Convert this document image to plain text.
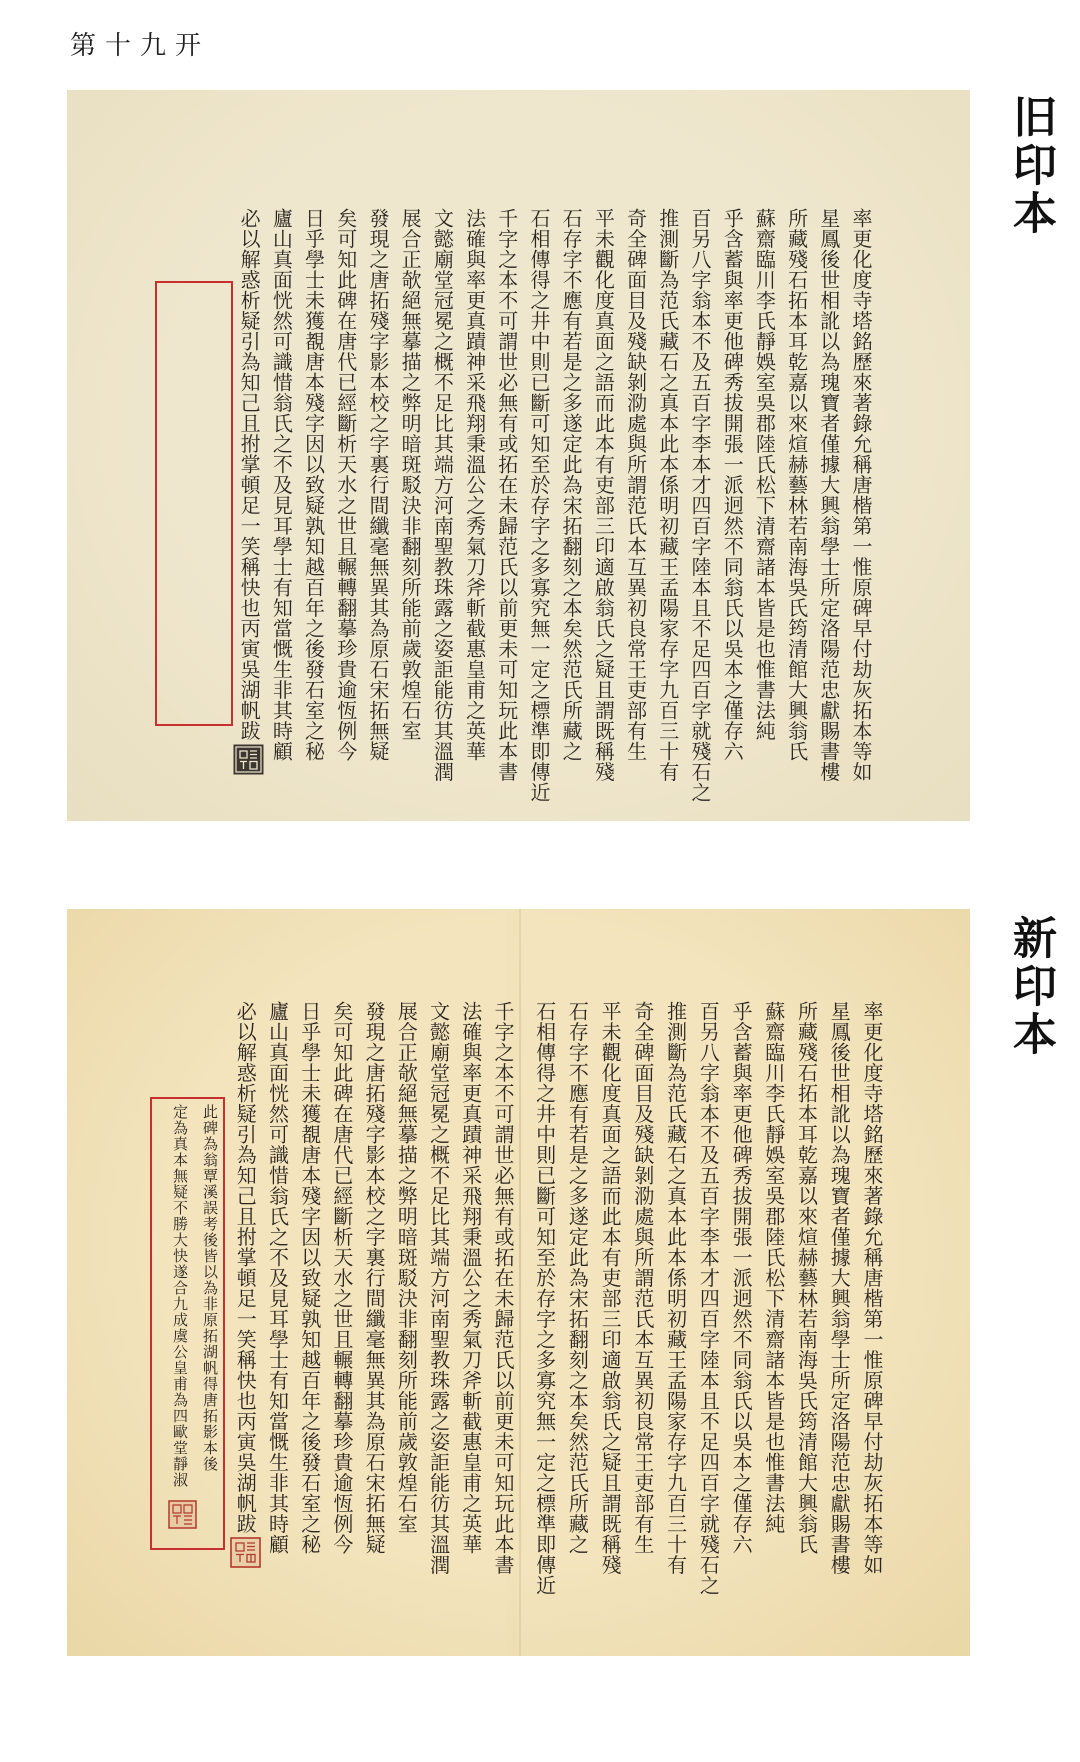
第十九开
旧印本
新印本
率更化度寺塔銘歷來著錄允稱唐楷第一惟原碑早付劫灰拓本等如
星鳳後世相訛以為瑰寶者僅據大興翁學士所定洛陽范忠獻賜書樓
所藏殘石拓本耳乾嘉以來煊赫藝林若南海吳氏筠清館大興翁氏
蘇齋臨川李氏靜娛室吳郡陸氏松下清齋諸本皆是也惟書法純
乎含蓄與率更他碑秀拔開張一派迥然不同翁氏以吳本之僅存六
百另八字翁本不及五百字李本才四百字陸本且不足四百字就殘石之
推測斷為范氏藏石之真本此本係明初藏王孟陽家存字九百三十有
奇全碑面目及殘缺剝泐處與所謂范氏本互異初良常王吏部有生
平未觀化度真面之語而此本有吏部三印適啟翁氏之疑且謂既稱殘
石存字不應有若是之多遂定此為宋拓翻刻之本矣然范氏所藏之
石相傳得之井中則已斷可知至於存字之多寡究無一定之標準即傳近
千字之本不可謂世必無有或拓在未歸范氏以前更未可知玩此本書
法確與率更真蹟神采飛翔秉溫公之秀氣刀斧斬截惠皇甫之英華
文懿廟堂冠冕之概不足比其端方河南聖教珠露之姿詎能彷其溫潤
展合正欹絕無摹描之弊明暗斑駁決非翻刻所能前歲敦煌石室
發現之唐拓殘字影本校之字裏行間纖毫無異其為原石宋拓無疑
矣可知此碑在唐代已經斷析天水之世且輾轉翻摹珍貴逾恆例今
日乎學士未獲覩唐本殘字因以致疑孰知越百年之後發石室之秘
廬山真面恍然可識惜翁氏之不及見耳學士有知當慨生非其時顧
必以解惑析疑引為知己且拊掌頓足一笑稱快也丙寅吳湖帆跋
率更化度寺塔銘歷來著錄允稱唐楷第一惟原碑早付劫灰拓本等如
星鳳後世相訛以為瑰寶者僅據大興翁學士所定洛陽范忠獻賜書樓
所藏殘石拓本耳乾嘉以來煊赫藝林若南海吳氏筠清館大興翁氏
蘇齋臨川李氏靜娛室吳郡陸氏松下清齋諸本皆是也惟書法純
乎含蓄與率更他碑秀拔開張一派迥然不同翁氏以吳本之僅存六
百另八字翁本不及五百字李本才四百字陸本且不足四百字就殘石之
推測斷為范氏藏石之真本此本係明初藏王孟陽家存字九百三十有
奇全碑面目及殘缺剝泐處與所謂范氏本互異初良常王吏部有生
平未觀化度真面之語而此本有吏部三印適啟翁氏之疑且謂既稱殘
石存字不應有若是之多遂定此為宋拓翻刻之本矣然范氏所藏之
石相傳得之井中則已斷可知至於存字之多寡究無一定之標準即傳近
千字之本不可謂世必無有或拓在未歸范氏以前更未可知玩此本書
法確與率更真蹟神采飛翔秉溫公之秀氣刀斧斬截惠皇甫之英華
文懿廟堂冠冕之概不足比其端方河南聖教珠露之姿詎能彷其溫潤
展合正欹絕無摹描之弊明暗斑駁決非翻刻所能前歲敦煌石室
發現之唐拓殘字影本校之字裏行間纖毫無異其為原石宋拓無疑
矣可知此碑在唐代已經斷析天水之世且輾轉翻摹珍貴逾恆例今
日乎學士未獲覩唐本殘字因以致疑孰知越百年之後發石室之秘
廬山真面恍然可識惜翁氏之不及見耳學士有知當慨生非其時顧
必以解惑析疑引為知己且拊掌頓足一笑稱快也丙寅吳湖帆跋
此碑為翁覃溪誤考後皆以為非原拓湖帆得唐拓影本後
定為真本無疑不勝大快遂合九成虞公皇甫為四歐堂靜淑
